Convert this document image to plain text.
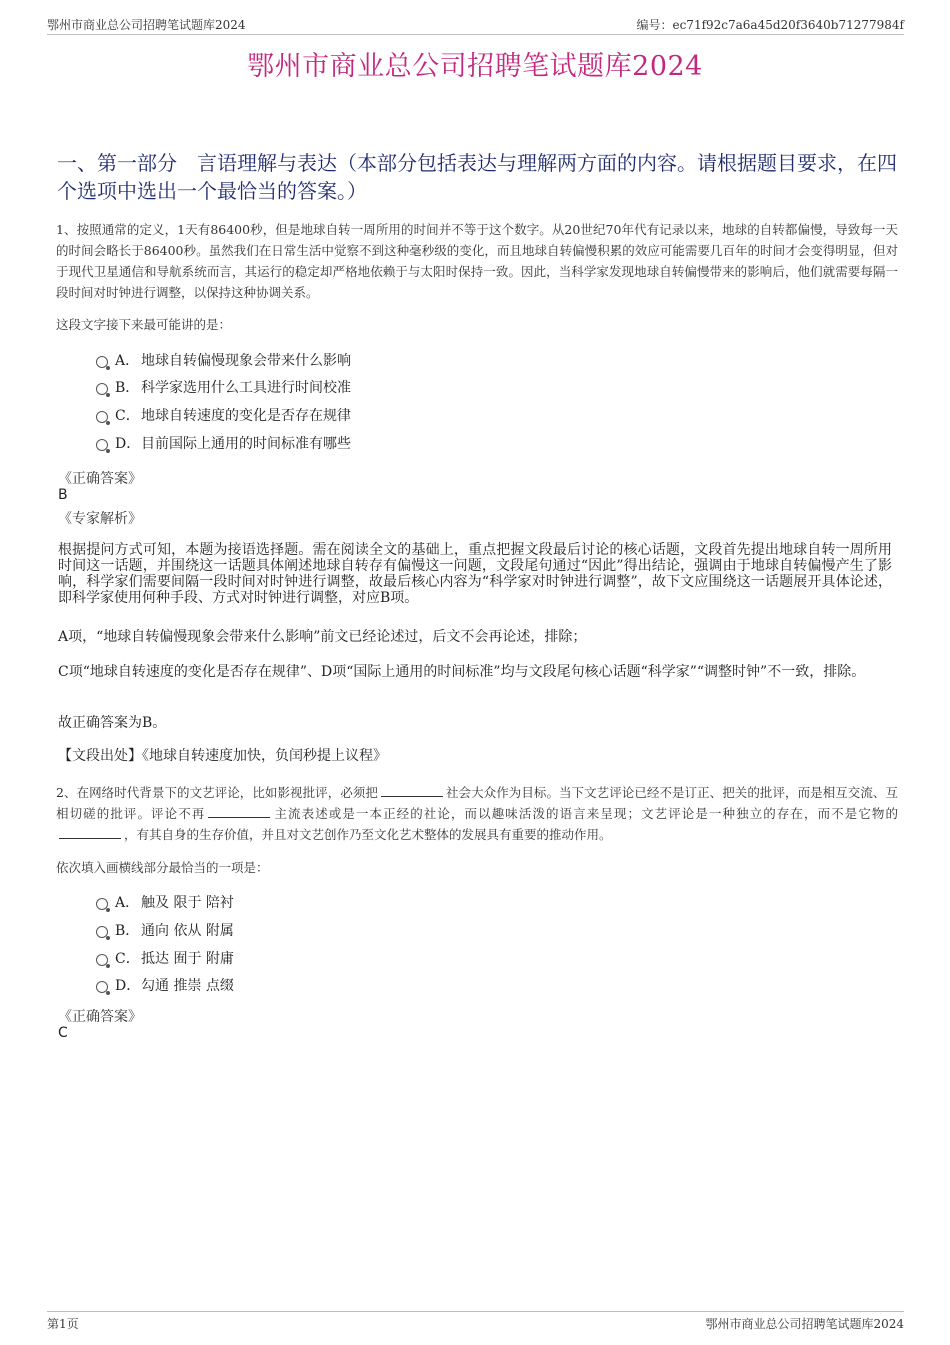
鄂州市商业总公司招聘笔试题库2024	编号：ec71f92c7a6a45d20f3640b71277984f
鄂州市商业总公司招聘笔试题库2024
一、第一部分　言语理解与表达（本部分包括表达与理解两方面的内容。请根据题目要求，在四个选项中选出一个最恰当的答案。）
1、按照通常的定义，1天有86400秒，但是地球自转一周所用的时间并不等于这个数字。从20世纪70年代有记录以来，地球的自转都偏慢，导致每一天的时间会略长于86400秒。虽然我们在日常生活中觉察不到这种毫秒级的变化，而且地球自转偏慢积累的效应可能需要几百年的时间才会变得明显，但对于现代卫星通信和导航系统而言，其运行的稳定却严格地依赖于与太阳时保持一致。因此，当科学家发现地球自转偏慢带来的影响后，他们就需要每隔一段时间对时钟进行调整，以保持这种协调关系。
这段文字接下来最可能讲的是：
A． 地球自转偏慢现象会带来什么影响
B． 科学家选用什么工具进行时间校准
C．地球自转速度的变化是否存在规律
D．目前国际上通用的时间标准有哪些
《正确答案》
B
《专家解析》
根据提问方式可知，本题为接语选择题。需在阅读全文的基础上，重点把握文段最后讨论的核心话题，文段首先提出地球自转一周所用时间这一话题，并围绕这一话题具体阐述地球自转存有偏慢这一问题，文段尾句通过“因此”得出结论，强调由于地球自转偏慢产生了影响，科学家们需要间隔一段时间对时钟进行调整，故最后核心内容为“科学家对时钟进行调整”，故下文应围绕这一话题展开具体论述，即科学家使用何种手段、方式对时钟进行调整，对应B项。
A项，“地球自转偏慢现象会带来什么影响”前文已经论述过，后文不会再论述，排除；
C项“地球自转速度的变化是否存在规律”、D项“国际上通用的时间标准”均与文段尾句核心话题“科学家”“调整时钟”不一致，排除。
故正确答案为B。
【文段出处】《地球自转速度加快，负闰秒提上议程》
2、在网络时代背景下的文艺评论，比如影视批评，必须把	社会大众作为目标。当下文艺评论已经不是订正、把关的批评，而是相互交流、互相切磋的批评。评论不再	主流表述或是一本正经的社论，而以趣味活泼的语言来呈现；文艺评论是一种独立的存在，而不是它物的，有其自身的生存价值，并且对文艺创作乃至文化艺术整体的发展具有重要的推动作用。
依次填入画横线部分最恰当的一项是：
A． 触及 限于 陪衬
B． 通向 依从 附属
C．抵达 囿于 附庸
D．勾通 推崇 点缀
《正确答案》
C
第1页	鄂州市商业总公司招聘笔试题库2024
